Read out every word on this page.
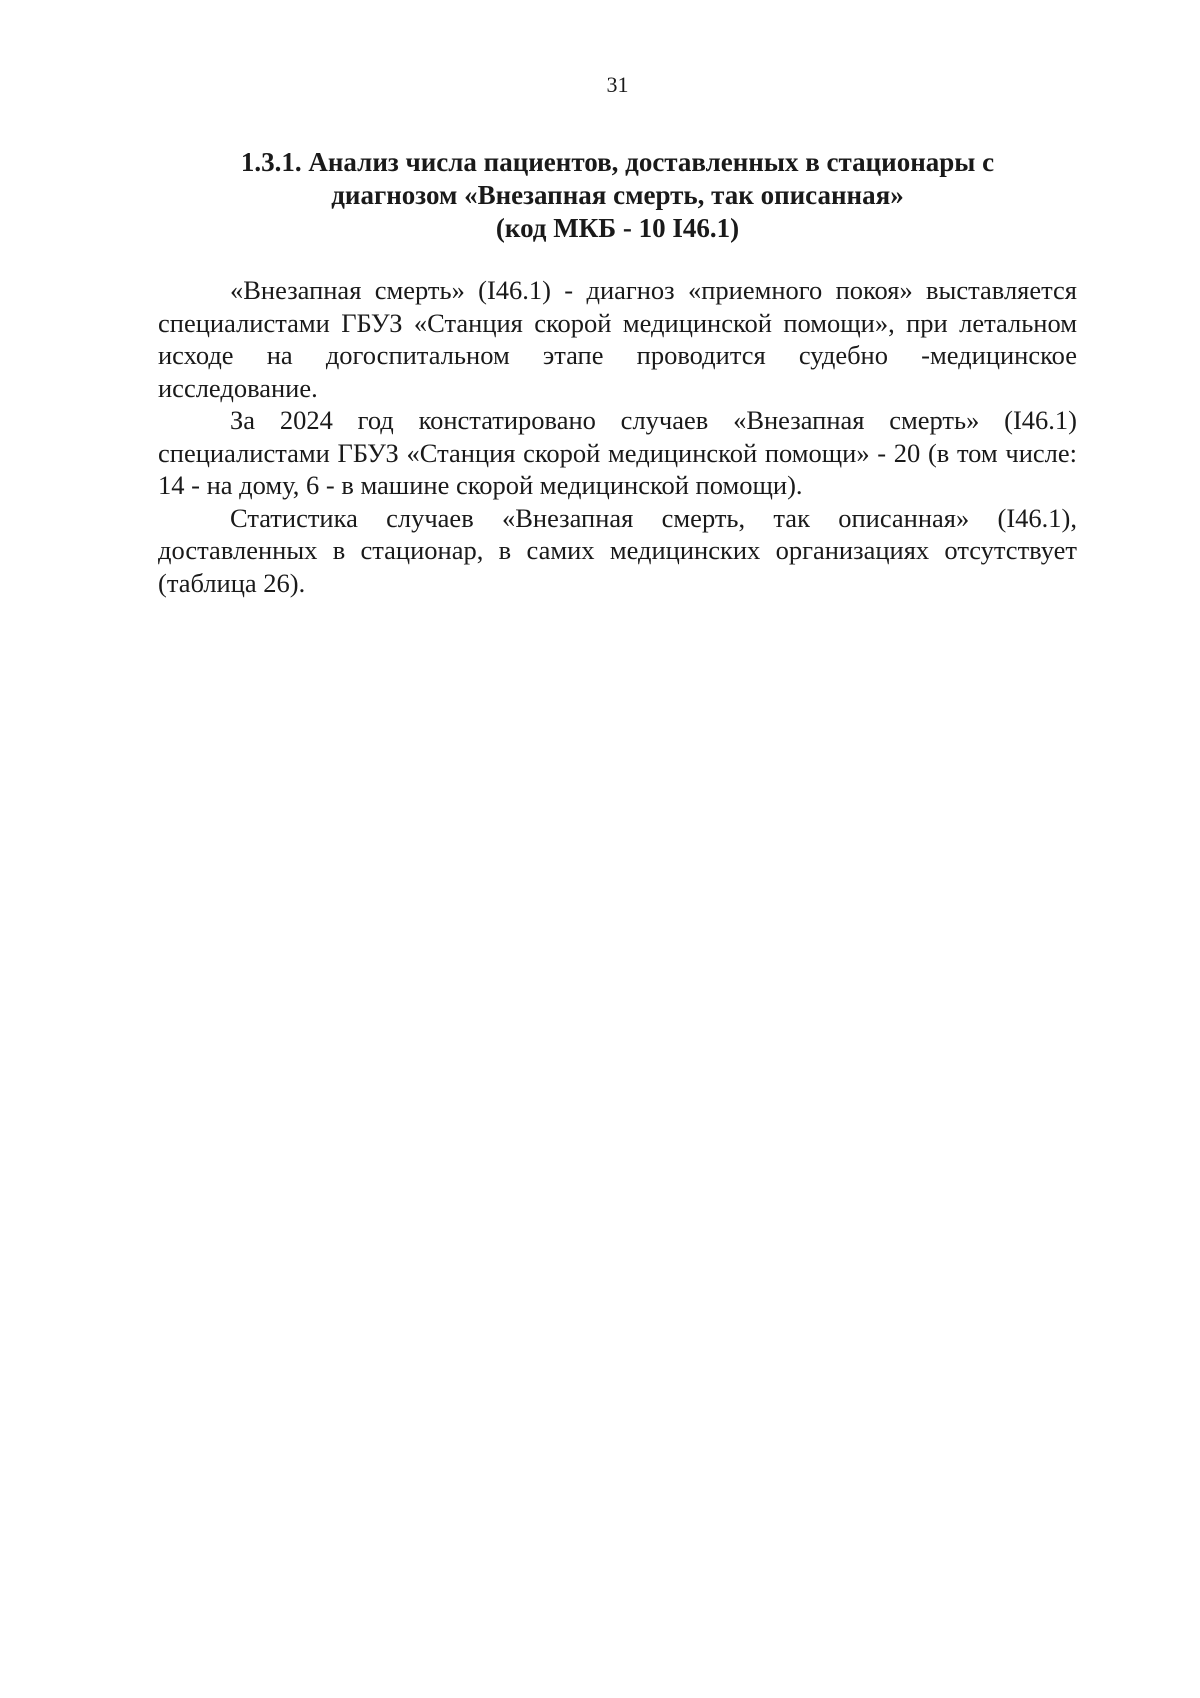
31
1.3.1. Анализ числа пациентов, доставленных в стационары с
диагнозом «Внезапная смерть, так описанная»
(код МКБ - 10 I46.1)

«Внезапная смерть» (I46.1) - диагноз «приемного покоя» выставляется специалистами ГБУЗ «Станция скорой медицинской помощи», при летальном исходе на догоспитальном этапе проводится судебно -медицинское исследование.

За 2024 год констатировано случаев «Внезапная смерть» (I46.1) специалистами ГБУЗ «Станция скорой медицинской помощи» - 20 (в том числе: 14 - на дому, 6 - в машине скорой медицинской помощи).

Статистика случаев «Внезапная смерть, так описанная» (I46.1), доставленных в стационар, в самих медицинских организациях отсутствует (таблица 26).
